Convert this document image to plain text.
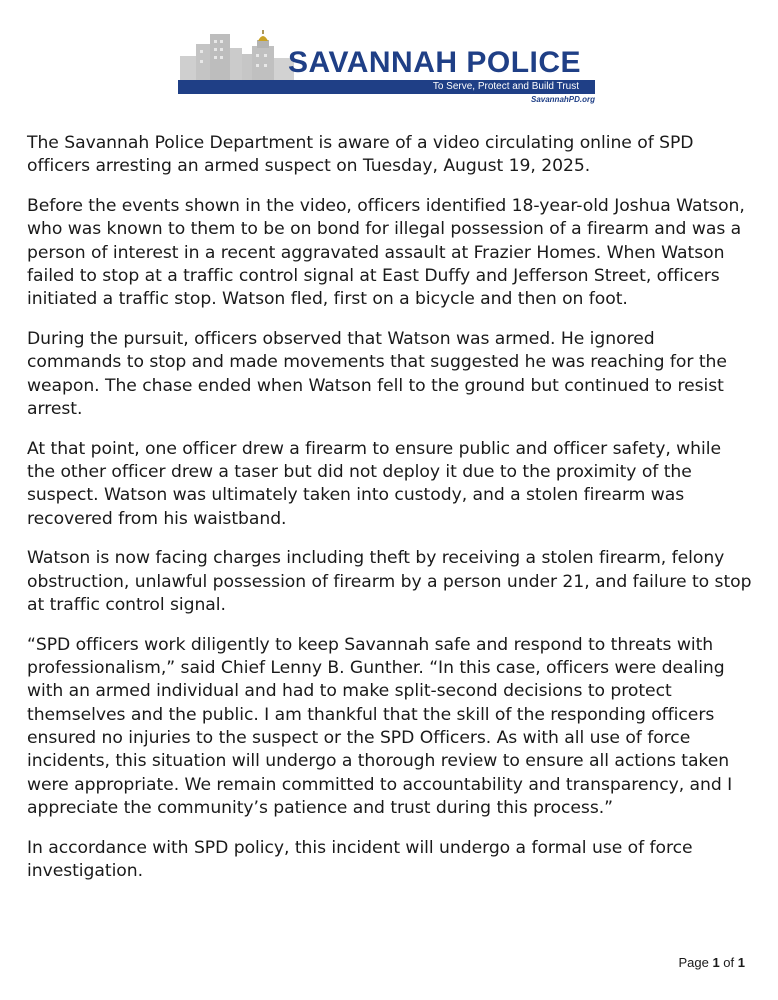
SAVANNAH POLICE
To Serve, Protect and Build Trust
SavannahPD.org

The Savannah Police Department is aware of a video circulating online of SPD officers arresting an armed suspect on Tuesday, August 19, 2025.

Before the events shown in the video, officers identified 18-year-old Joshua Watson, who was known to them to be on bond for illegal possession of a firearm and was a person of interest in a recent aggravated assault at Frazier Homes. When Watson failed to stop at a traffic control signal at East Duffy and Jefferson Street, officers initiated a traffic stop. Watson fled, first on a bicycle and then on foot.

During the pursuit, officers observed that Watson was armed. He ignored commands to stop and made movements that suggested he was reaching for the weapon. The chase ended when Watson fell to the ground but continued to resist arrest.

At that point, one officer drew a firearm to ensure public and officer safety, while the other officer drew a taser but did not deploy it due to the proximity of the suspect. Watson was ultimately taken into custody, and a stolen firearm was recovered from his waistband.

Watson is now facing charges including theft by receiving a stolen firearm, felony obstruction, unlawful possession of firearm by a person under 21, and failure to stop at traffic control signal.

“SPD officers work diligently to keep Savannah safe and respond to threats with professionalism,” said Chief Lenny B. Gunther. “In this case, officers were dealing with an armed individual and had to make split-second decisions to protect themselves and the public. I am thankful that the skill of the responding officers ensured no injuries to the suspect or the SPD Officers. As with all use of force incidents, this situation will undergo a thorough review to ensure all actions taken were appropriate. We remain committed to accountability and transparency, and I appreciate the community’s patience and trust during this process.”

In accordance with SPD policy, this incident will undergo a formal use of force investigation.

Page 1 of 1
